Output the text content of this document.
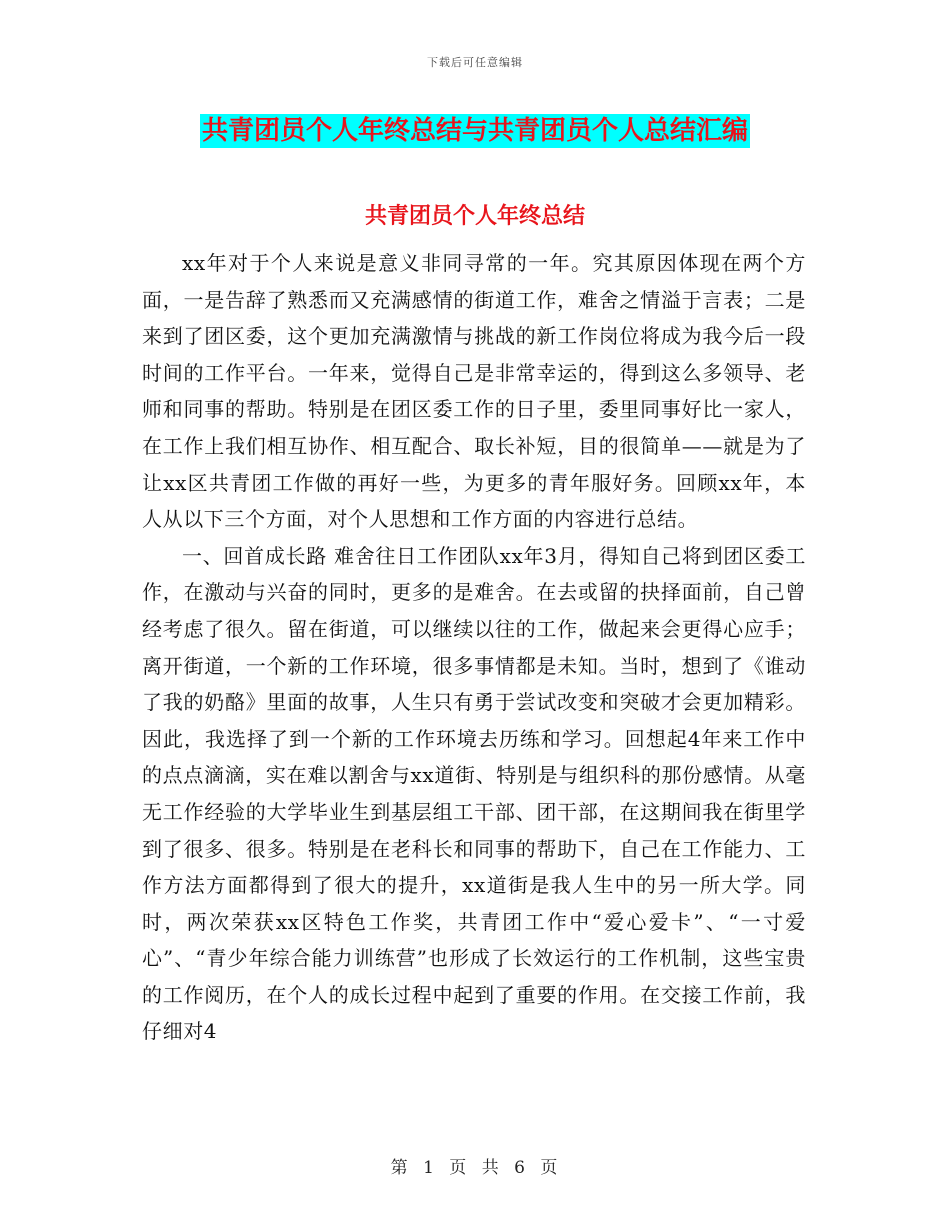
下载后可任意编辑
共青团员个人年终总结与共青团员个人总结汇编
共青团员个人年终总结

xx年对于个人来说是意义非同寻常的一年。究其原因体现在两个方面，一是告辞了熟悉而又充满感情的街道工作，难舍之情溢于言表；二是来到了团区委，这个更加充满激情与挑战的新工作岗位将成为我今后一段时间的工作平台。一年来，觉得自己是非常幸运的，得到这么多领导、老师和同事的帮助。特别是在团区委工作的日子里，委里同事好比一家人，在工作上我们相互协作、相互配合、取长补短，目的很简单——就是为了让xx区共青团工作做的再好一些，为更多的青年服好务。回顾xx年，本人从以下三个方面，对个人思想和工作方面的内容进行总结。

一、回首成长路 难舍往日工作团队xx年3月，得知自己将到团区委工作，在激动与兴奋的同时，更多的是难舍。在去或留的抉择面前，自己曾经考虑了很久。留在街道，可以继续以往的工作，做起来会更得心应手；离开街道，一个新的工作环境，很多事情都是未知。当时，想到了《谁动了我的奶酪》里面的故事，人生只有勇于尝试改变和突破才会更加精彩。因此，我选择了到一个新的工作环境去历练和学习。回想起4年来工作中的点点滴滴，实在难以割舍与xx道街、特别是与组织科的那份感情。从毫无工作经验的大学毕业生到基层组工干部、团干部，在这期间我在街里学到了很多、很多。特别是在老科长和同事的帮助下，自己在工作能力、工作方法方面都得到了很大的提升，xx道街是我人生中的另一所大学。同时，两次荣获xx区特色工作奖，共青团工作中“爱心爱卡”、“一寸爱心”、“青少年综合能力训练营”也形成了长效运行的工作机制，这些宝贵的工作阅历，在个人的成长过程中起到了重要的作用。在交接工作前，我仔细对4

第 1 页 共 6 页
